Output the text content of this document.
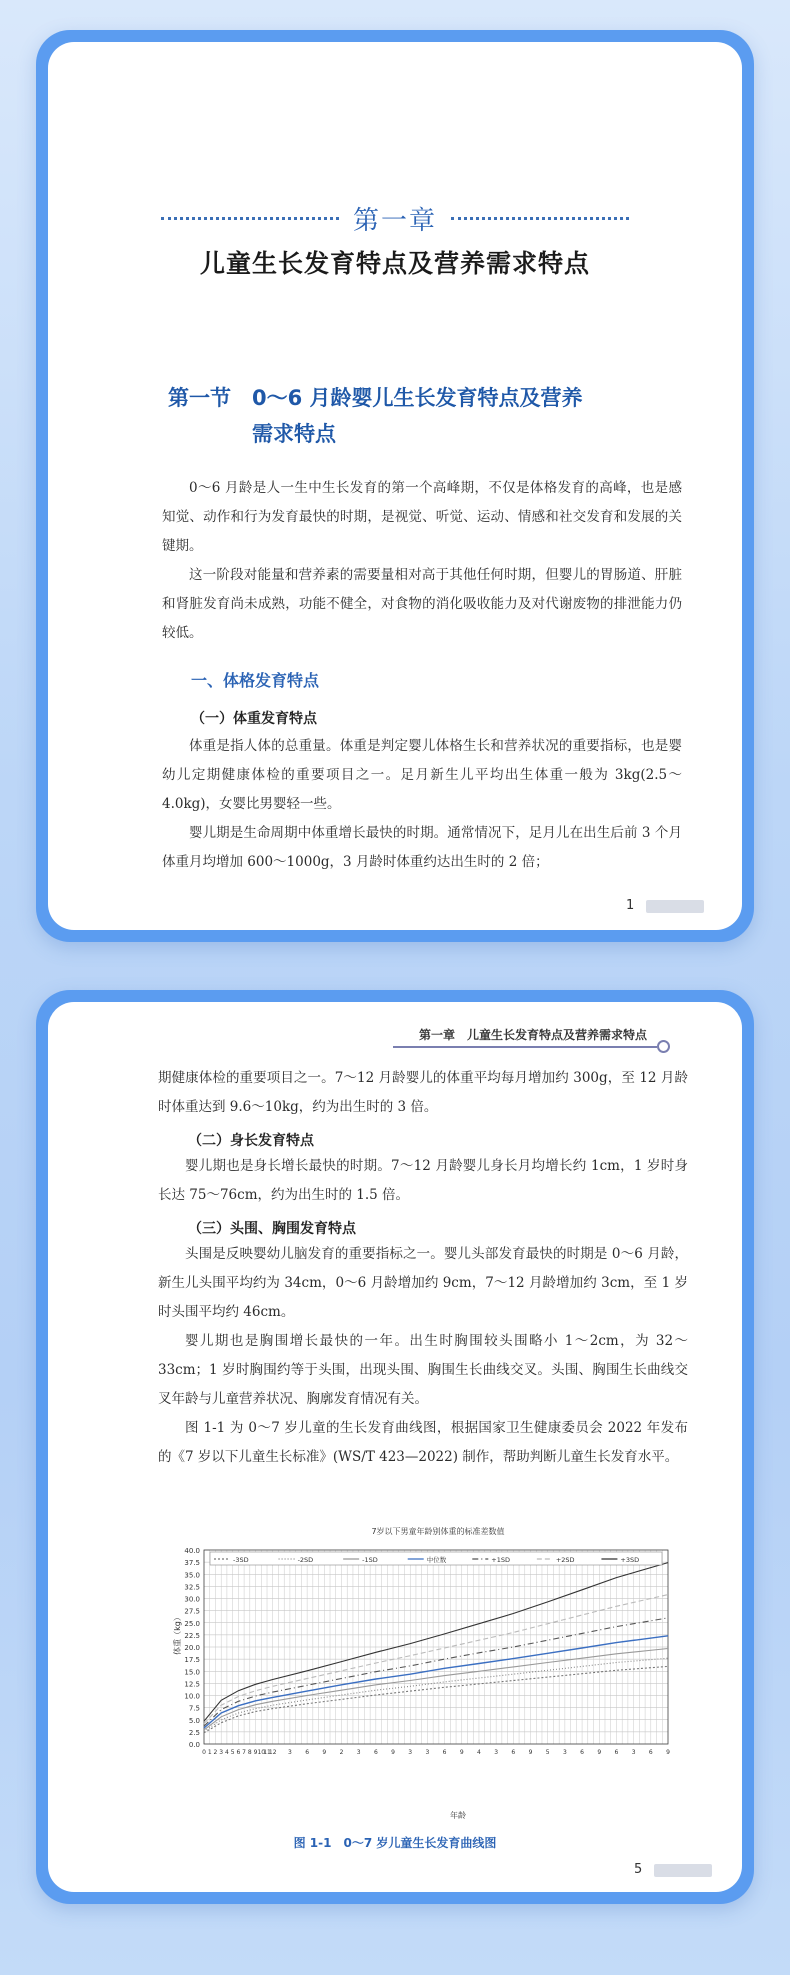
第一章
儿童生长发育特点及营养需求特点
第一节 0～6 月龄婴儿生长发育特点及营养
需求特点

0～6 月龄是人一生中生长发育的第一个高峰期，不仅是体格发育的高峰，也是感知觉、动作和行为发育最快的时期，是视觉、听觉、运动、情感和社交发育和发展的关键期。

这一阶段对能量和营养素的需要量相对高于其他任何时期，但婴儿的胃肠道、肝脏和肾脏发育尚未成熟，功能不健全，对食物的消化吸收能力及对代谢废物的排泄能力仍较低。

一、体格发育特点
（一）体重发育特点

体重是指人体的总重量。体重是判定婴儿体格生长和营养状况的重要指标，也是婴幼儿定期健康体检的重要项目之一。足月新生儿平均出生体重一般为 3kg(2.5～4.0kg)，女婴比男婴轻一些。

婴儿期是生命周期中体重增长最快的时期。通常情况下，足月儿在出生后前 3 个月体重月均增加 600～1000g，3 月龄时体重约达出生时的 2 倍；

1
第一章　儿童生长发育特点及营养需求特点

期健康体检的重要项目之一。7～12 月龄婴儿的体重平均每月增加约 300g，至 12 月龄时体重达到 9.6～10kg，约为出生时的 3 倍。

（二）身长发育特点

婴儿期也是身长增长最快的时期。7～12 月龄婴儿身长月均增长约 1cm，1 岁时身长达 75～76cm，约为出生时的 1.5 倍。

（三）头围、胸围发育特点

头围是反映婴幼儿脑发育的重要指标之一。婴儿头部发育最快的时期是 0～6 月龄，新生儿头围平均约为 34cm，0～6 月龄增加约 9cm，7～12 月龄增加约 3cm，至 1 岁时头围平均约 46cm。

婴儿期也是胸围增长最快的一年。出生时胸围较头围略小 1～2cm，为 32～33cm；1 岁时胸围约等于头围，出现头围、胸围生长曲线交叉。头围、胸围生长曲线交叉年龄与儿童营养状况、胸廓发育情况有关。

图 1-1 为 0～7 岁儿童的生长发育曲线图，根据国家卫生健康委员会 2022 年发布的《7 岁以下儿童生长标准》(WS/T 423—2022) 制作，帮助判断儿童生长发育水平。

7岁以下男童年龄别体重的标准差数值
0.0
2.5
5.0
7.5
10.0
12.5
15.0
17.5
20.0
22.5
25.0
27.5
30.0
32.5
35.0
37.5
40.0
0 1 2 3 4 5 6 7 8 9 10
11
12 3 6 9 2 3 6 9 3 3 6 9 4 3 6 9 5 3 6 9 6 3 6 9
-3SD	-2SD	-1SD	中位数	+1SD	+2SD	+3SD
体重（kg）
年龄
图 1-1　0～7 岁儿童生长发育曲线图
5
